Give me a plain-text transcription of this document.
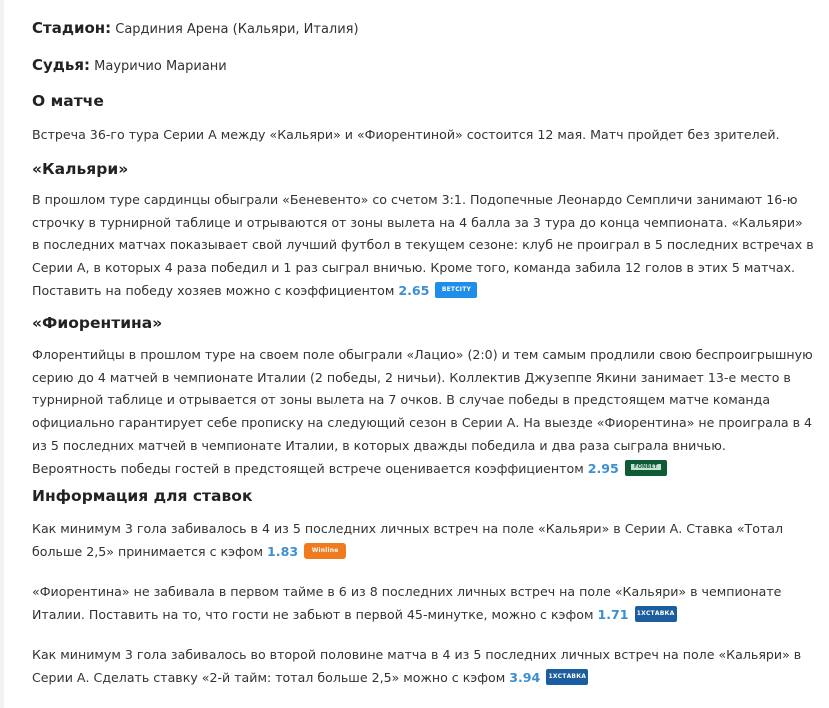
Стадион: Сардиния Арена (Кальяри, Италия)
Судья: Мауричио Мариани
О матче

Встреча 36-го тура Серии А между «Кальяри» и «Фиорентиной» состоится 12 мая. Матч пройдет без зрителей.

«Кальяри»

В прошлом туре сардинцы обыграли «Беневенто» со счетом 3:1. Подопечные Леонардо Семпличи занимают 16-ю строчку в турнирной таблице и отрываются от зоны вылета на 4 балла за 3 тура до конца чемпионата. «Кальяри» в последних матчах показывает свой лучший футбол в текущем сезоне: клуб не проиграл в 5 последних встречах в Серии А, в которых 4 раза победил и 1 раз сыграл вничью. Кроме того, команда забила 12 голов в этих 5 матчах. Поставить на победу хозяев можно с коэффициентом 2.65 BETCITY

«Фиорентина»

Флорентийцы в прошлом туре на своем поле обыграли «Лацио» (2:0) и тем самым продлили свою беспроигрышную серию до 4 матчей в чемпионате Италии (2 победы, 2 ничьи). Коллектив Джузеппе Якини занимает 13-е место в турнирной таблице и отрывается от зоны вылета на 7 очков. В случае победы в предстоящем матче команда официально гарантирует себе прописку на следующий сезон в Серии А. На выезде «Фиорентина» не проиграла в 4 из 5 последних матчей в чемпионате Италии, в которых дважды победила и два раза сыграла вничью. Вероятность победы гостей в предстоящей встрече оценивается коэффициентом 2.95	FONBET

Информация для ставок

Как минимум 3 гола забивалось в 4 из 5 последних личных встреч на поле «Кальяри» в Серии А. Ставка «Тотал больше 2,5» принимается с кэфом 1.83 Winline

«Фиорентина» не забивала в первом тайме в 6 из 8 последних личных встреч на поле «Кальяри» в чемпионате Италии. Поставить на то, что гости не забьют в первой 45-минутке, можно с кэфом 1.71 1XСТАВКА

Как минимум 3 гола забивалось во второй половине матча в 4 из 5 последних личных встреч на поле «Кальяри» в Серии А. Сделать ставку «2-й тайм: тотал больше 2,5» можно с кэфом 3.94 1XСТАВКА
